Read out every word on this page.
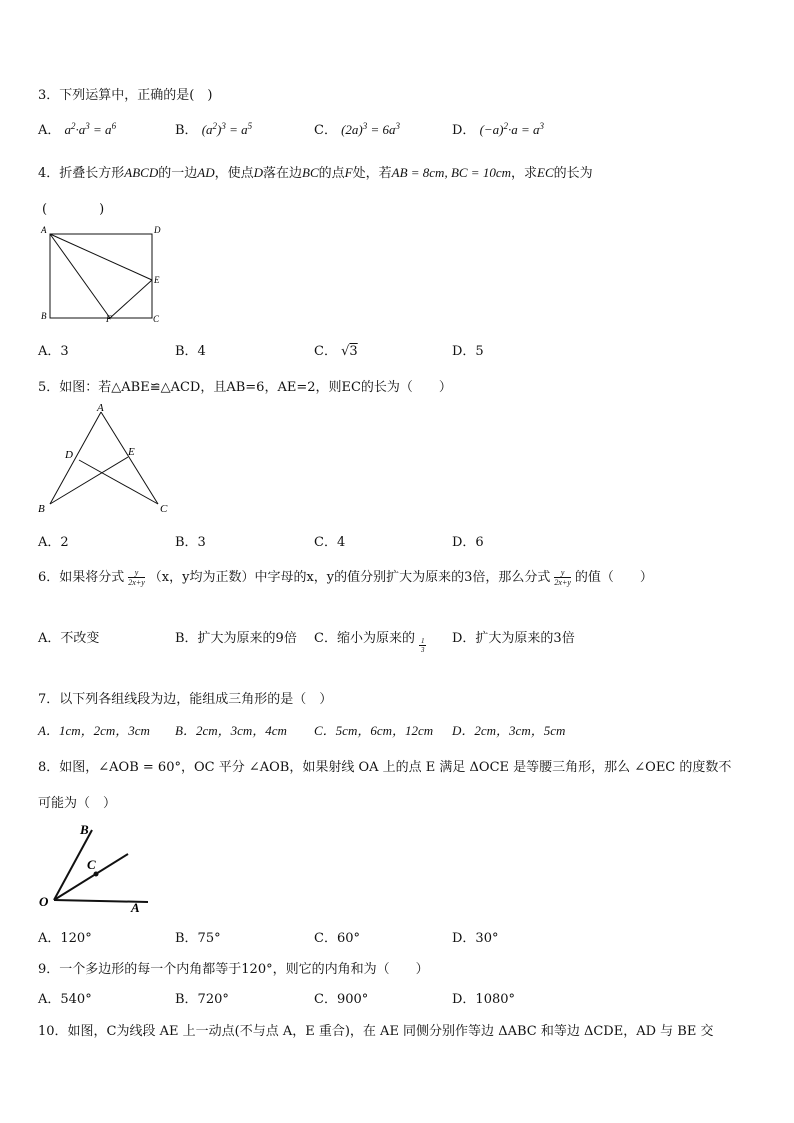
3．下列运算中，正确的是(　)
A． $a^2\cdot a^3 = a^6$	B． $(a^2)^3 = a^5$	C． $(2a)^3 = 6a^3$	D． $(-a)^2\cdot a = a^3$
4．折叠长方形ABCD的一边AD，使点D落在边BC的点F处，若AB = 8cm, BC = 10cm，求EC的长为
(　　　　)
A	D
E
B	F	C
A．3	B．4	C． √3	D．5
5．如图：若△ABE≌△ACD，且AB=6，AE=2，则EC的长为（　　）
A
D	E
B	C
A．2	B．3	C．4	D．6
6．如果将分式 $\frac{y}{2x+y} (x$，y均为正数）中字母的x，y的值分别扩大为原来的3倍，那么分式 $\frac{y}{2x+y}$ 的值（　　）
A．不改变	B．扩大为原来的9倍 C．缩小为原来的 $\frac{1}{3}$ D．扩大为原来的3倍
7．以下列各组线段为边，能组成三角形的是（　）
A．1cm，2cm，3cm B．2cm，3cm，4cm C．5cm，6cm，12cm D．2cm，3cm，5cm
8．如图，∠AOB = 60°，OC 平分 ∠AOB，如果射线 OA 上的点 E 满足 ΔOCE 是等腰三角形，那么 ∠OEC 的度数不
可能为（　）
O	A
B
C
A．120°	B．75°	C．60°	D．30°
9．一个多边形的每一个内角都等于120°，则它的内角和为（　　）
A．540°	B．720°	C．900°	D．1080°
10．如图，C为线段 AE 上一动点(不与点 A，E 重合)，在 AE 同侧分别作等边 ΔABC 和等边 ΔCDE，AD 与 BE 交
